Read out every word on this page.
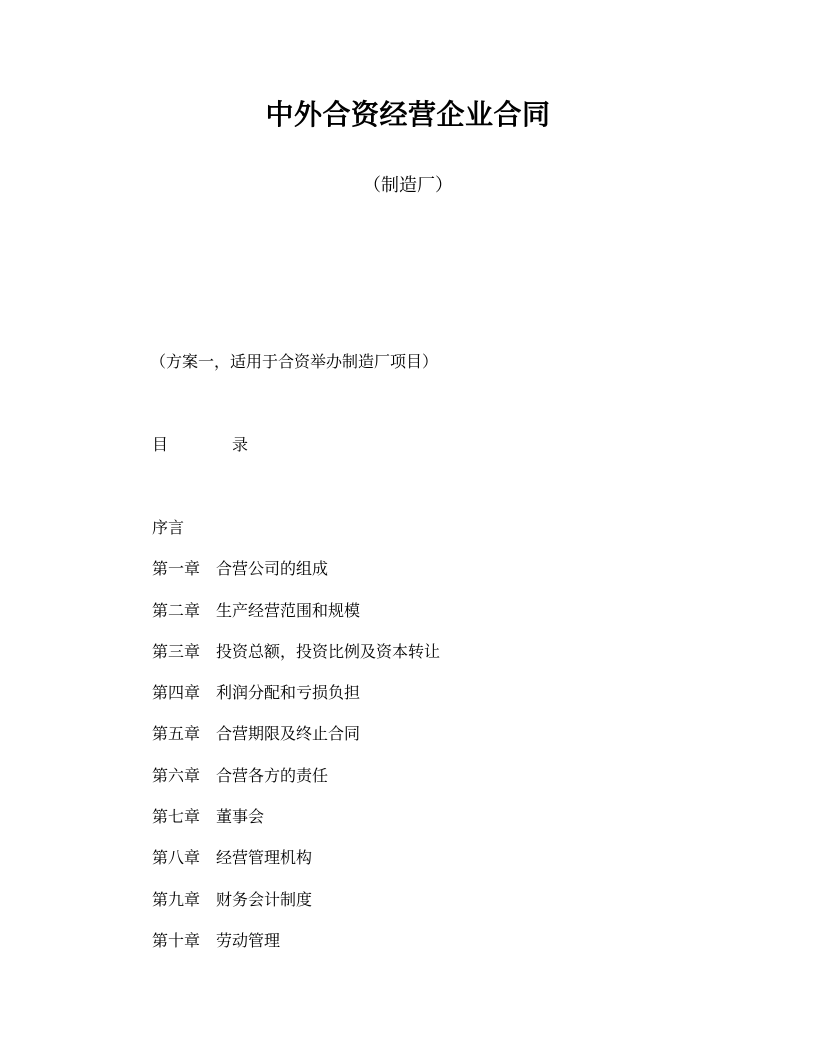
中外合资经营企业合同

（制造厂）

（方案一，适用于合资举办制造厂项目）

目	录
序言
第一章 合营公司的组成
第二章 生产经营范围和规模
第三章 投资总额，投资比例及资本转让
第四章 利润分配和亏损负担
第五章 合营期限及终止合同
第六章 合营各方的责任
第七章 董事会
第八章 经营管理机构
第九章 财务会计制度
第十章 劳动管理
